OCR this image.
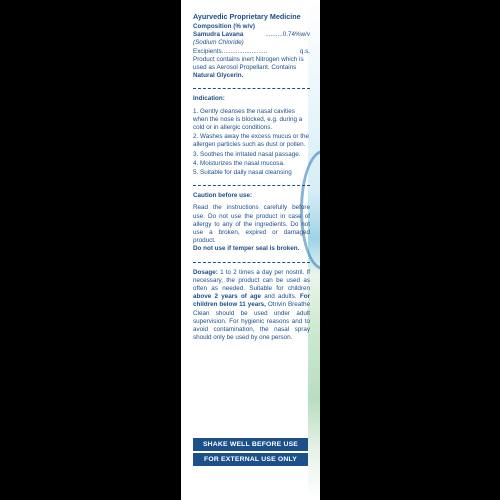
Ayurvedic Proprietary Medicine
Composition (% w/v)
Samudra Lavana	..........0.74%w/v
(Sodium Chloride)
Excipients..........................	q.s.
Product contains inert Nitrogen which is used as Aerosol Propellant. Contains Natural Glycerin.
Indication:
1. Gently cleanses the nasal cavities when the nose is blocked, e.g. during a cold or in allergic conditions.
2. Washes away the excess mucus or the allergen particles such as dust or pollen.
3. Soothes the irritated nasal passage.
4. Moisturizes the nasal mucosa.
5. Suitable for daily nasal cleansing
Caution before use:
Read the instructions carefully before use. Do not use the product in case of allergy to any of the ingredients. Do not use a broken, expired or damaged product.
Do not use if temper seal is broken.
Dosage: 1 to 2 times a day per nostril. If necessary, the product can be used as often as needed. Suitable for children above 2 years of age and adults. For children below 11 years, Otrivin Breathe Clean should be used under adult supervision. For hygienic reasons and to avoid contamination, the nasal spray should only be used by one person.
SHAKE WELL BEFORE USE
FOR EXTERNAL USE ONLY
